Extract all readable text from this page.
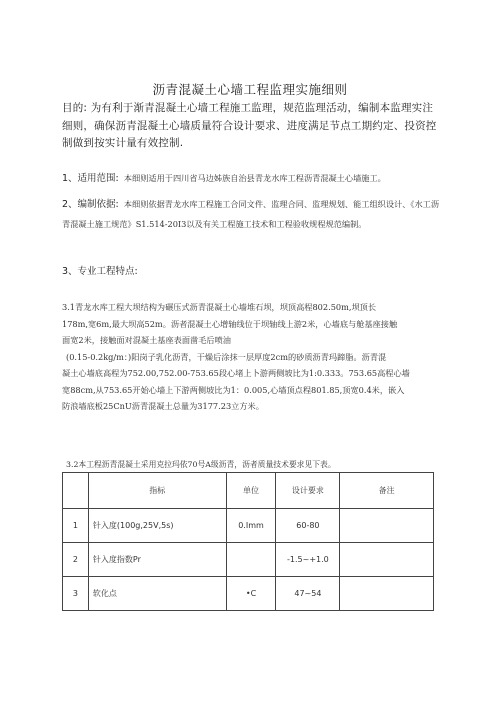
沥青混凝土心墙工程监理实施细则
目的: 为有利于渐青混凝土心墙工程施工监理，规范监理活动，编制本监理实注细则，确保沥青混凝土心墙质量符合设计要求、进度满足节点工期约定、投资控制做到按实计量有效控制.
1、适用范围: 本细则适用于四川省马边姊族自治县青龙水库工程沥青混凝土心墙施工。
2、编制依据: 本细则依据青龙水库工程施工合同文件、监理合同、监理规划、能工组织设计、《水工沥青混凝土施工规范》S1.514-20I3以及有关工程施工技术和工程验收规程规范编制。
3、专业工程特点:
3.1青龙水库工程大坝结构为碾压式沥青混凝土心墙堆石坝，坝顶高程802.50m,坝顶长
178m,宽6m,最大坝高52m。沥者混凝土心增轴线位于坝轴线上游2米，心墙底与舱基座接触
面宽2米，接触面对混凝土基座表面凿毛后喷油
(0.15-0.2kg/m：)阳岗子乳化沥青，干燥后涂抹一层厚度2cm的砂质沥青玛蹄脂。沥青混
凝土心墙底高程为752.00,752.00-753.65段心堵上卜游两侧坡比为1:0.333。753.65高程心墙
宽88cm,从753.65开始心墙上下游两侧坡比为1：0.005,心墙顶点程801.85,顶宽0.4米，嵌入
防浪墙底板25CnU沥青混凝土总量为3177.23立方米。
3.2本工程沥青混凝土采用克拉玛依70号A级沥青，沥者质量技术要求见下表。
	指标	单位	设计要求	备注
1	针入度(100g,25V,5s)	0.Imm	60-80	
2	针入度指数Pr		-1.5~+1.0	
3	软化点	•C	47~54	
